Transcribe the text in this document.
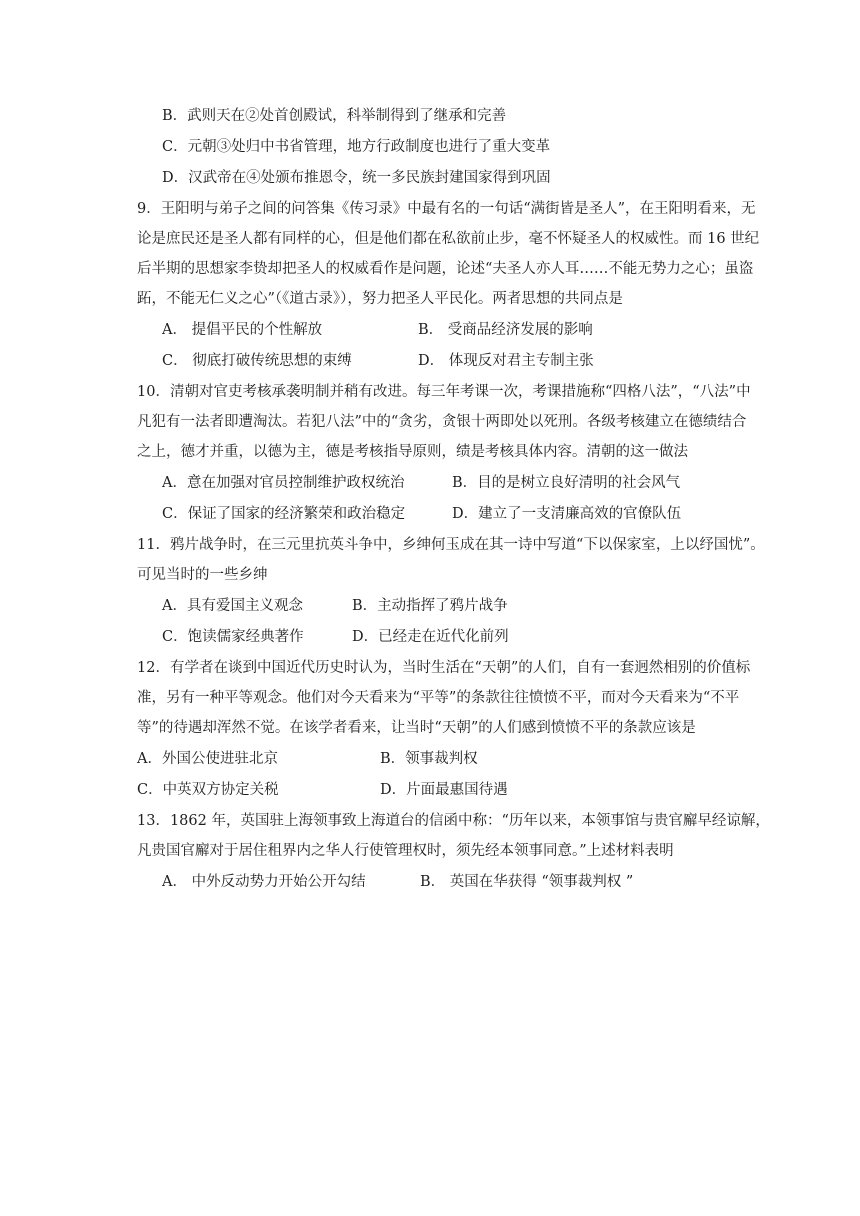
B．武则天在②处首创殿试，科举制得到了继承和完善
C．元朝③处归中书省管理，地方行政制度也进行了重大变革
D．汉武帝在④处颁布推恩令，统一多民族封建国家得到巩固
9．王阳明与弟子之间的问答集《传习录》中最有名的一句话“满街皆是圣人”，在王阳明看来，无
论是庶民还是圣人都有同样的心，但是他们都在私欲前止步，毫不怀疑圣人的权威性。而 16 世纪
后半期的思想家李贽却把圣人的权威看作是问题，论述“夫圣人亦人耳……不能无势力之心；虽盗
跖，不能无仁义之心”（《道古录》），努力把圣人平民化。两者思想的共同点是
A． 提倡平民的个性解放	B． 受商品经济发展的影响
C． 彻底打破传统思想的束缚	D． 体现反对君主专制主张
10．清朝对官吏考核承袭明制并稍有改进。每三年考课一次，考课措施称“四格八法”，“八法”中
凡犯有一法者即遭淘汰。若犯八法”中的“贪劣，贪银十两即处以死刑。各级考核建立在德绩结合
之上，德才并重，以德为主，德是考核指导原则，绩是考核具体内容。清朝的这一做法
A．意在加强对官员控制维护政权统治	B．目的是树立良好清明的社会风气
C．保证了国家的经济繁荣和政治稳定	D．建立了一支清廉高效的官僚队伍
11．鸦片战争时，在三元里抗英斗争中，乡绅何玉成在其一诗中写道“下以保家室，上以纾国忧”。
可见当时的一些乡绅
A．具有爱国主义观念	B．主动指挥了鸦片战争
C．饱读儒家经典著作	D．已经走在近代化前列
12．有学者在谈到中国近代历史时认为，当时生活在“天朝”的人们，自有一套迥然相别的价值标
准，另有一种平等观念。他们对今天看来为“平等”的条款往往愤愤不平，而对今天看来为“不平
等”的待遇却浑然不觉。在该学者看来，让当时“天朝”的人们感到愤愤不平的条款应该是
A．外国公使进驻北京	B．领事裁判权
C．中英双方协定关税	D．片面最惠国待遇
13．1862 年，英国驻上海领事致上海道台的信函中称：“历年以来，本领事馆与贵官廨早经谅解，
凡贵国官廨对于居住租界内之华人行使管理权时，须先经本领事同意。”上述材料表明
A． 中外反动势力开始公开勾结	B． 英国在华获得 “领事裁判权 ”
